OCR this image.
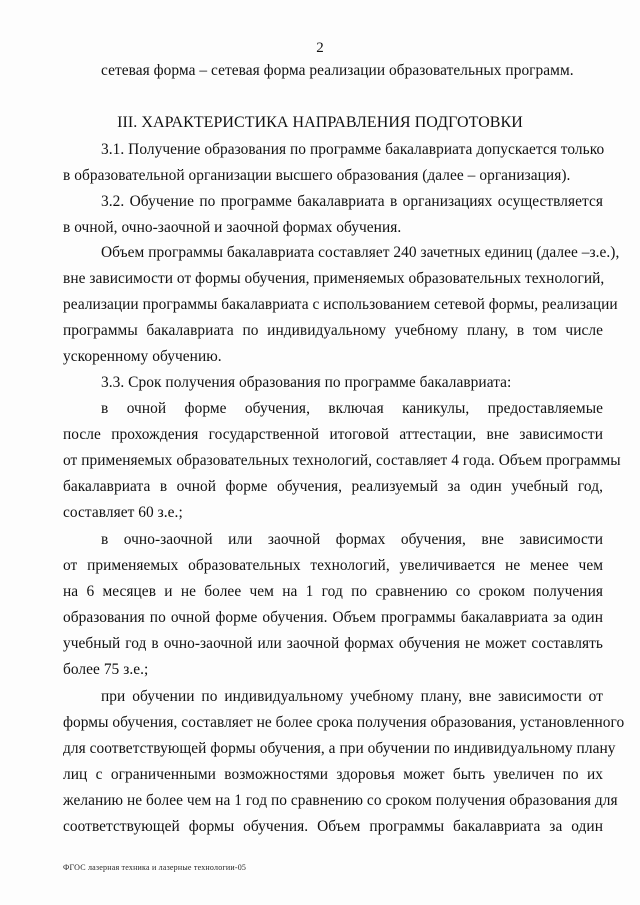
2
сетевая форма – сетевая форма реализации образовательных программ.
III. ХАРАКТЕРИСТИКА НАПРАВЛЕНИЯ ПОДГОТОВКИ
3.1. Получение образования по программе бакалавриата допускается только
в образовательной организации высшего образования (далее – организация).
3.2. Обучение по программе бакалавриата в организациях осуществляется
в очной, очно-заочной и заочной формах обучения.
Объем программы бакалавриата составляет 240 зачетных единиц (далее –з.е.),
вне зависимости от формы обучения, применяемых образовательных технологий,
реализации программы бакалавриата с использованием сетевой формы, реализации
программы бакалавриата по индивидуальному учебному плану, в том числе
ускоренному обучению.
3.3. Срок получения образования по программе бакалавриата:
в очной форме обучения, включая каникулы, предоставляемые
после прохождения государственной итоговой аттестации, вне зависимости
от применяемых образовательных технологий, составляет 4 года. Объем программы
бакалавриата в очной форме обучения, реализуемый за один учебный год,
составляет 60 з.е.;
в очно-заочной или заочной формах обучения, вне зависимости
от применяемых образовательных технологий, увеличивается не менее чем
на 6 месяцев и не более чем на 1 год по сравнению со сроком получения
образования по очной форме обучения. Объем программы бакалавриата за один
учебный год в очно-заочной или заочной формах обучения не может составлять
более 75 з.е.;
при обучении по индивидуальному учебному плану, вне зависимости от
формы обучения, составляет не более срока получения образования, установленного
для соответствующей формы обучения, а при обучении по индивидуальному плану
лиц с ограниченными возможностями здоровья может быть увеличен по их
желанию не более чем на 1 год по сравнению со сроком получения образования для
соответствующей формы обучения. Объем программы бакалавриата за один
ФГОС лазерная техника и лазерные технологии-05
